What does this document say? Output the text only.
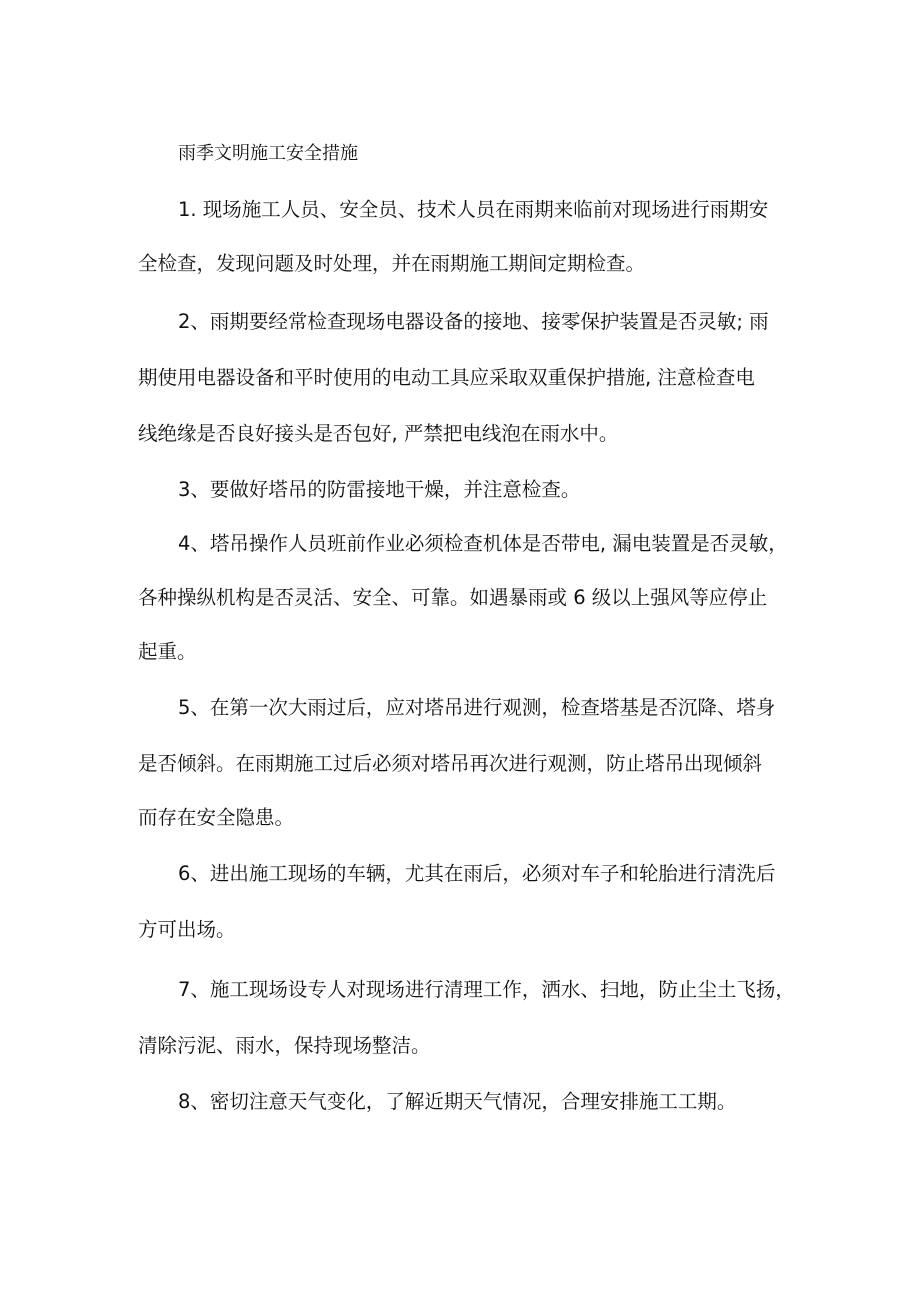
雨季文明施工安全措施
1. 现场施工人员、安全员、技术人员在雨期来临前对现场进行雨期安
全检查，发现问题及时处理，并在雨期施工期间定期检查。
2、雨期要经常检查现场电器设备的接地、接零保护装置是否灵敏; 雨
期使用电器设备和平时使用的电动工具应采取双重保护措施, 注意检查电
线绝缘是否良好接头是否包好, 严禁把电线泡在雨水中。
3、要做好塔吊的防雷接地干燥，并注意检查。
4、塔吊操作人员班前作业必须检查机体是否带电, 漏电装置是否灵敏，
各种操纵机构是否灵活、安全、可靠。如遇暴雨或 6 级以上强风等应停止
起重。
5、在第一次大雨过后，应对塔吊进行观测，检查塔基是否沉降、塔身
是否倾斜。在雨期施工过后必须对塔吊再次进行观测，防止塔吊出现倾斜
而存在安全隐患。
6、进出施工现场的车辆，尤其在雨后，必须对车子和轮胎进行清洗后
方可出场。
7、施工现场设专人对现场进行清理工作，洒水、扫地，防止尘土飞扬，
清除污泥、雨水，保持现场整洁。
8、密切注意天气变化，了解近期天气情况，合理安排施工工期。
